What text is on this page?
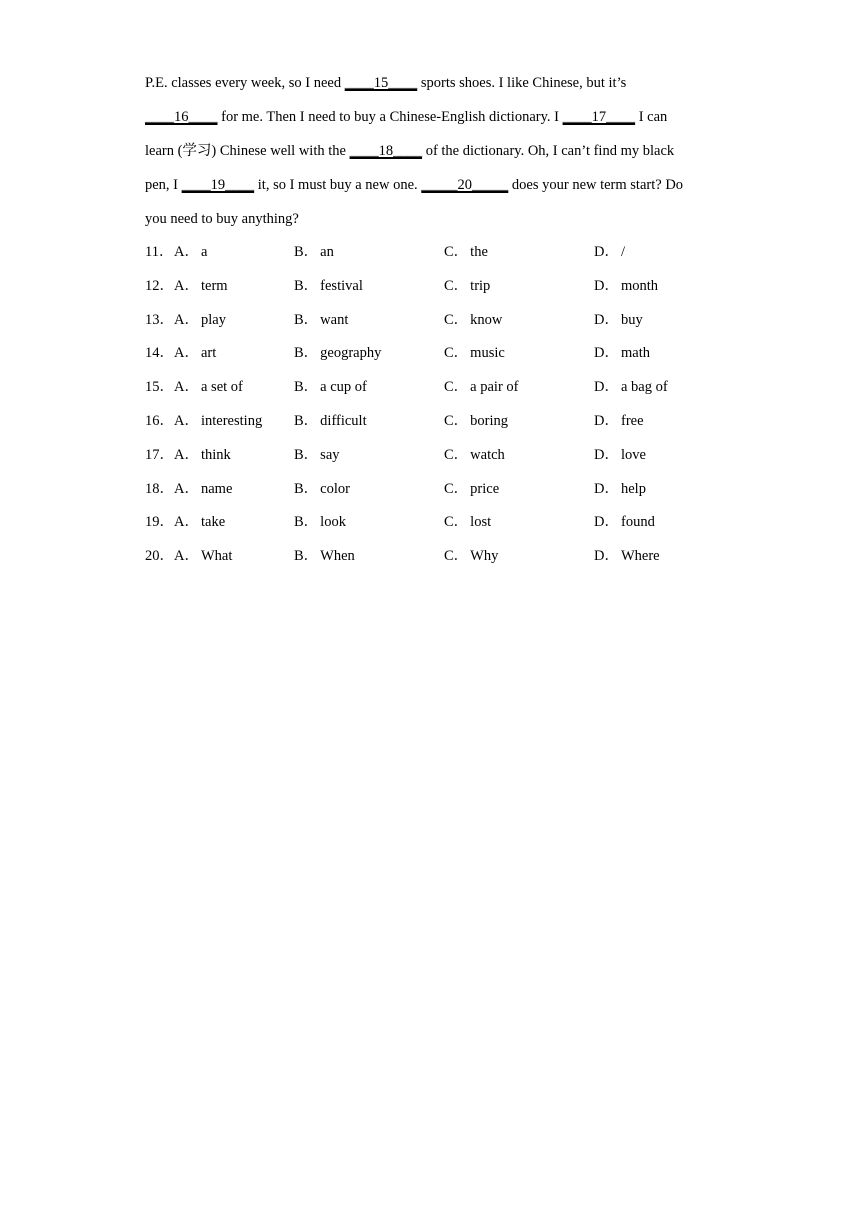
P.E. classes every week, so I need ____15____ sports shoes. I like Chinese, but it’s
____16____ for me. Then I need to buy a Chinese-English dictionary. I ____17____ I can
learn (学习) Chinese well with the ____18____ of the dictionary. Oh, I can’t find my black
pen, I ____19____ it, so I must buy a new one. _____20_____ does your new term start? Do
you need to buy anything?
11． A． a	B． an	C． the	D． /
12． A． term	B． festival	C． trip	D． month
13． A． play	B． want	C． know	D． buy
14． A． art	B． geography	C． music	D． math
15． A． a set of	B． a cup of	C． a pair of	D． a bag of
16． A． interesting B． difficult	C． boring	D． free
17． A． think	B． say	C． watch	D． love
18． A． name	B． color	C． price	D． help
19． A． take	B． look	C． lost	D． found
20． A． What	B． When	C． Why	D． Where
